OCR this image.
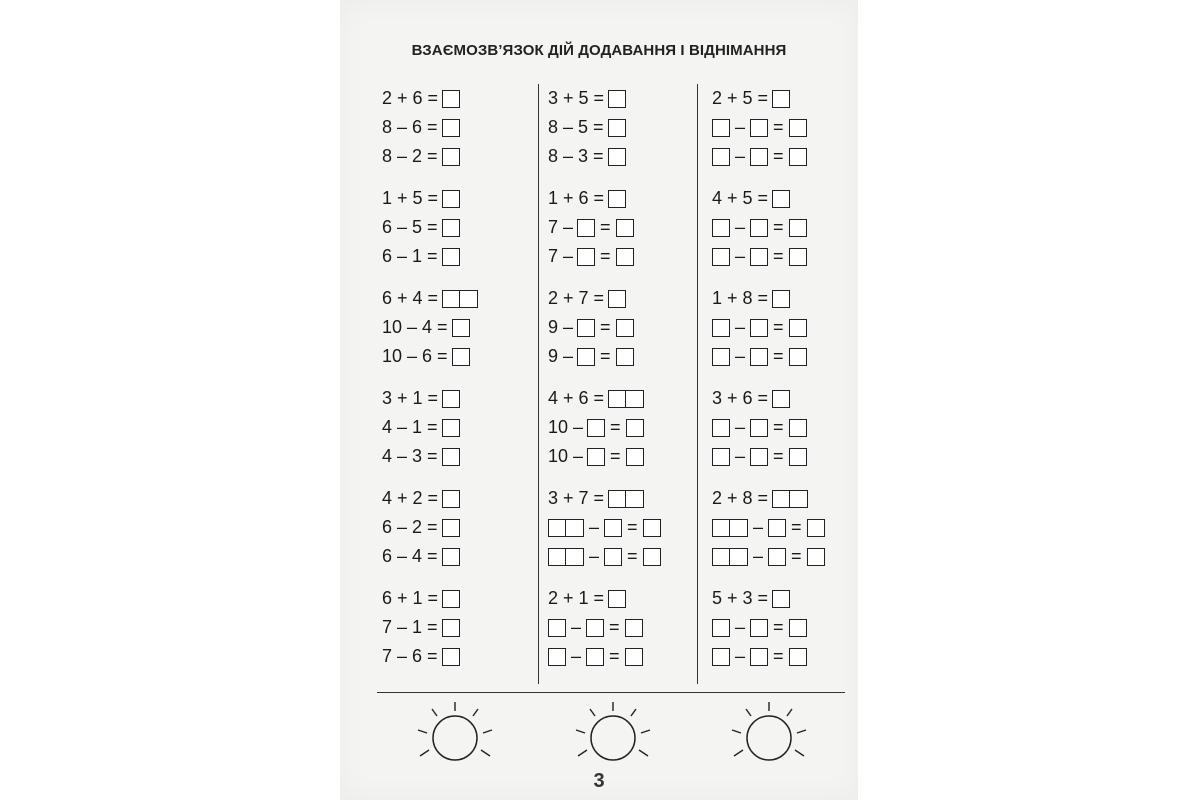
ВЗАЄМОЗВ’ЯЗОК ДІЙ ДОДАВАННЯ І ВІДНІМАННЯ
2 + 6 =
8 – 6 =
8 – 2 =
1 + 5 =
6 – 5 =
6 – 1 =
6 + 4 =
10 – 4 =
10 – 6 =
3 + 1 =
4 – 1 =
4 – 3 =
4 + 2 =
6 – 2 =
6 – 4 =
6 + 1 =
7 – 1 =
7 – 6 =
3 + 5 =
8 – 5 =
8 – 3 =
1 + 6 =
7 – =
7 – =
2 + 7 =
9 – =
9 – =
4 + 6 =
10 – =
10 – =
3 + 7 =
– =
– =
2 + 1 =
– =
– =
2 + 5 =
– =
– =
4 + 5 =
– =
– =
1 + 8 =
– =
– =
3 + 6 =
– =
– =
2 + 8 =
– =
– =
5 + 3 =
– =
– =
3
